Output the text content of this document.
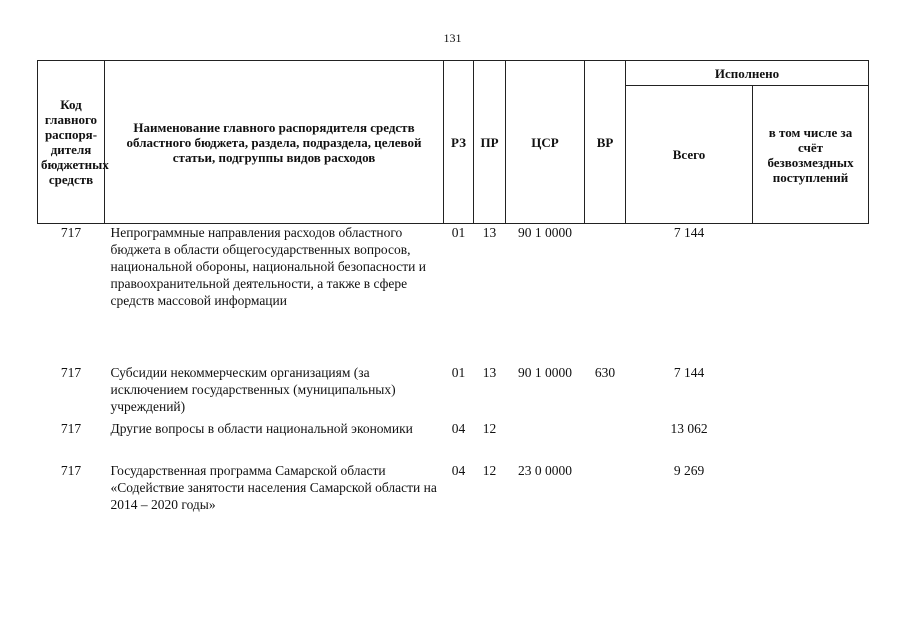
131
Код главного распоря-дителя бюджетных средств	Наименование главного распорядителя средств областного бюджета, раздела, подраздела, целевой статьи, подгруппы видов расходов	РЗ	ПР	ЦСР	ВР	Исполнено	
						Всего	в том числе за счёт безвозмездных поступлений
717	Непрограммные направления расходов областного бюджета в области общегосударственных вопросов, национальной обороны, национальной безопасности и правоохранительной деятельности, а также в сфере средств массовой информации	01	13	90 1 0000		7 144	
717	Субсидии некоммерческим организациям (за исключением государственных (муниципальных) учреждений)	01	13	90 1 0000	630	7 144	
717	Другие вопросы в области национальной экономики	04	12			13 062	
717	Государственная программа Самарской области «Содействие занятости населения Самарской области на 2014 – 2020 годы»	04	12	23 0 0000		9 269	
